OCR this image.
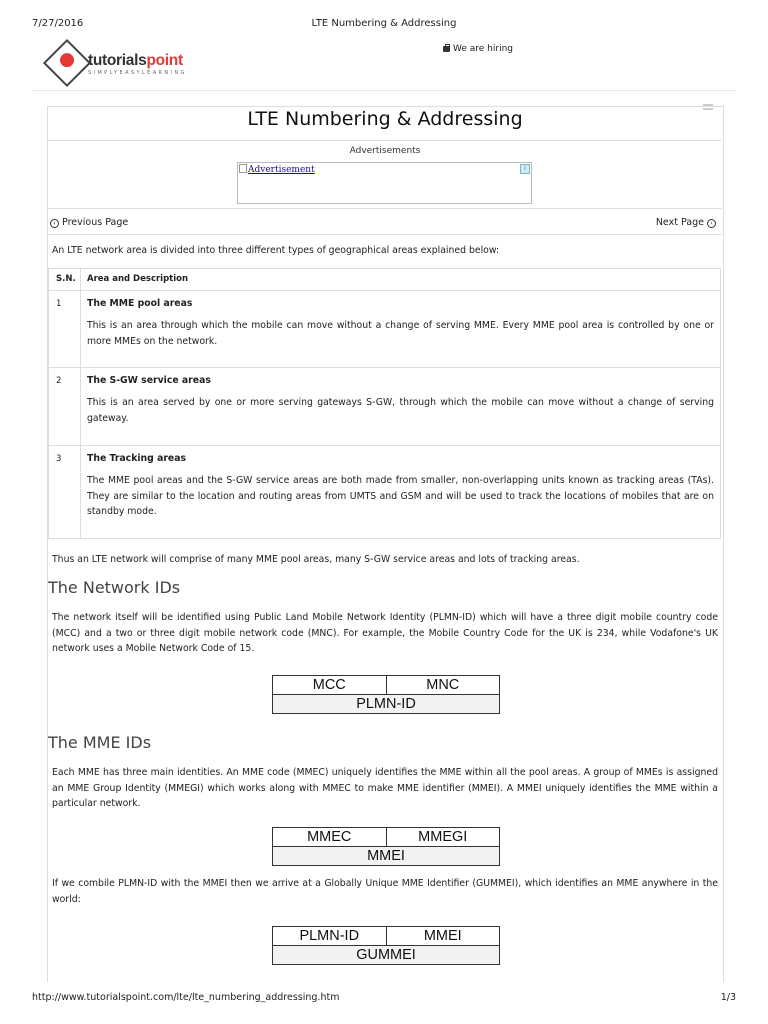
7/27/2016	LTE Numbering & Addressing
tutorialspoint
SIMPLYEASYLEARNING
We are hiring
LTE Numbering & Addressing
Advertisements
Advertisement	i
‹ Previous Page	Next Page ›
An LTE network area is divided into three different types of geographical areas explained below:
S.N.	Area and Description
1	The MME pool areas
This is an area through which the mobile can move without a change of serving MME. Every MME pool area is controlled by one or more MMEs on the network.
2	The S-GW service areas
This is an area served by one or more serving gateways S-GW, through which the mobile can move without a change of serving gateway.
3	The Tracking areas
The MME pool areas and the S-GW service areas are both made from smaller, non-overlapping units known as tracking areas (TAs). They are similar to the location and routing areas from UMTS and GSM and will be used to track the locations of mobiles that are on standby mode.
Thus an LTE network will comprise of many MME pool areas, many S-GW service areas and lots of tracking areas.
The Network IDs
The network itself will be identified using Public Land Mobile Network Identity (PLMN-ID) which will have a three digit mobile country code (MCC) and a two or three digit mobile network code (MNC). For example, the Mobile Country Code for the UK is 234, while Vodafone's UK network uses a Mobile Network Code of 15.
MCC	MNC
PLMN-ID
The MME IDs
Each MME has three main identities. An MME code (MMEC) uniquely identifies the MME within all the pool areas. A group of MMEs is assigned an MME Group Identity (MMEGI) which works along with MMEC to make MME identifier (MMEI). A MMEI uniquely identifies the MME within a particular network.
MMEC	MMEGI
MMEI
If we combile PLMN-ID with the MMEI then we arrive at a Globally Unique MME Identifier (GUMMEI), which identifies an MME anywhere in the world:
PLMN-ID	MMEI
GUMMEI
http://www.tutorialspoint.com/lte/lte_numbering_addressing.htm	1/3
